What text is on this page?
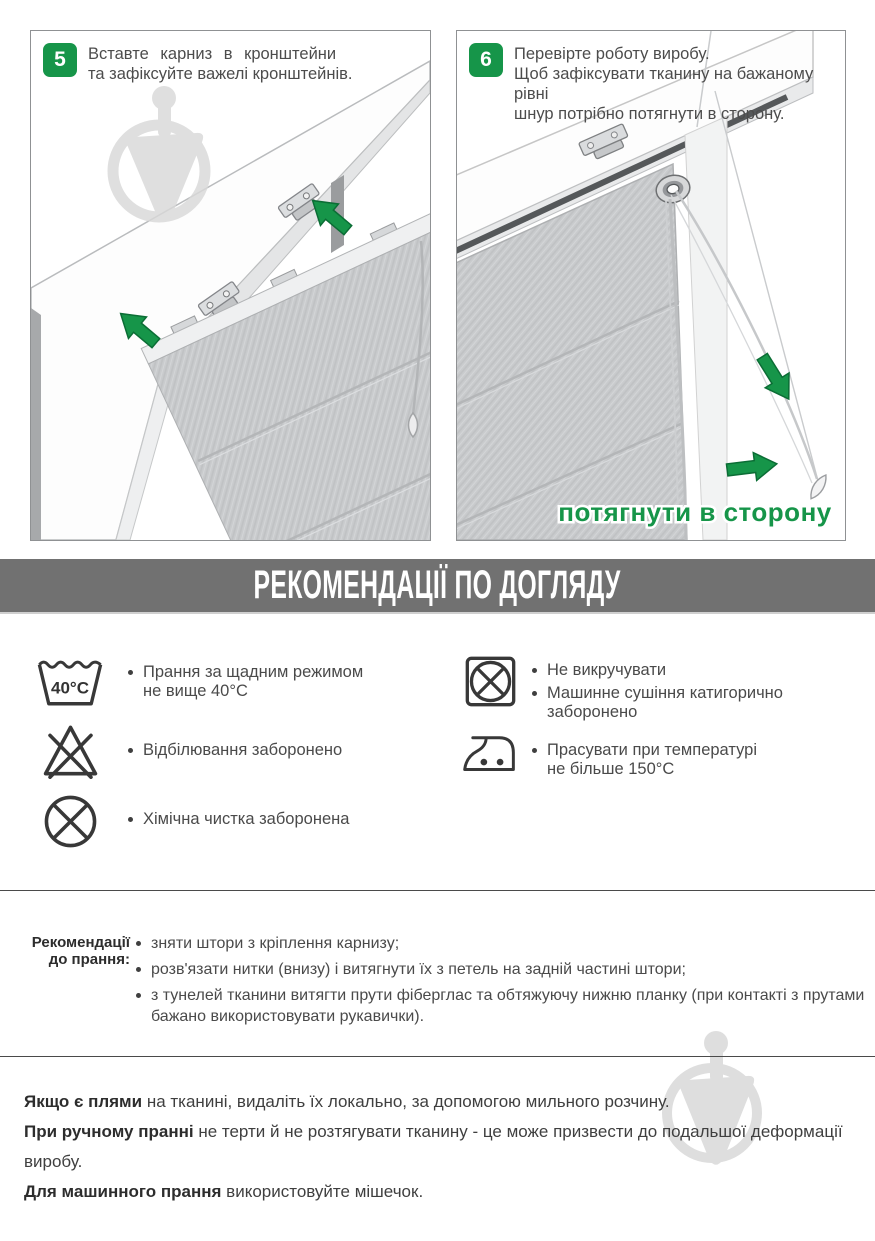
5	Вставте карниз в кронштейни
та зафіксуйте важелі кронштейнів.
6	Перевірте роботу виробу.
Щоб зафіксувати тканину на бажаному рівні
шнур потрібно потягнути в сторону.
потягнути в сторону
РЕКОМЕНДАЦІЇ ПО ДОГЛЯДУ
40°C
Прання за щадним режимом
не вище 40°С
Відбілювання заборонено
Хімічна чистка заборонена
Не викручувати
Машинне сушіння катигорично
заборонено
Прасувати при температурі
не більше 150°С
Рекомендації
до прання:
зняти штори з кріплення карнизу;
розв'язати нитки (внизу) і витягнути їх з петель на задній частині штори;
з тунелей тканини витягти прути фіберглас та обтяжуючу нижню планку (при контакті з прутами
бажано використовувати рукавички).
Якщо є плями на тканині, видаліть їх локально, за допомогою мильного розчину.
При ручному пранні не терти й не розтягувати тканину - це може призвести до подальшої деформації виробу.
Для машинного прання використовуйте мішечок.
